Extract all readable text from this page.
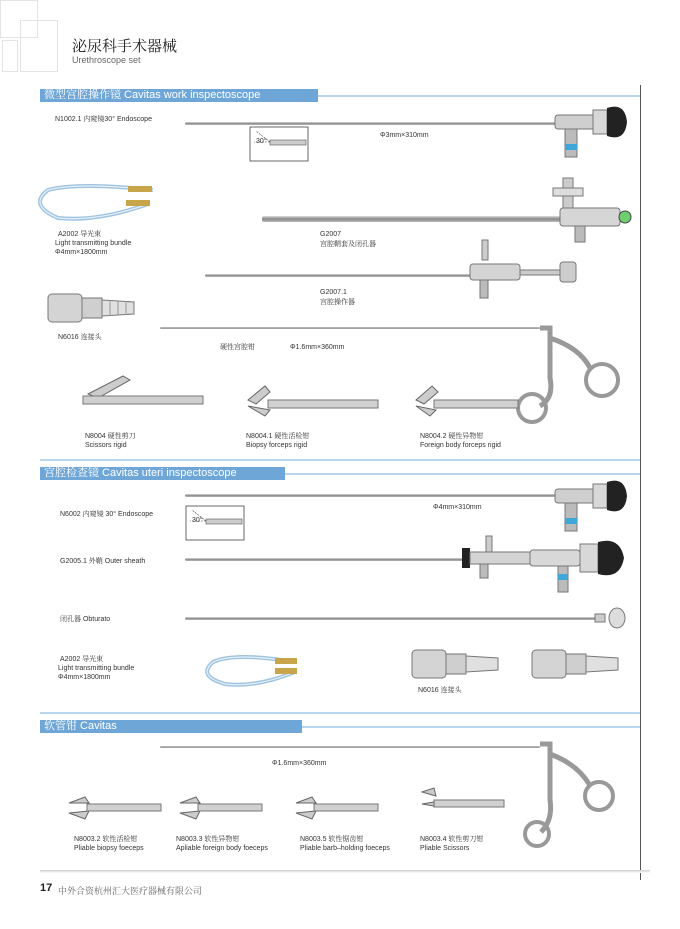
泌尿科手术器械
Urethroscope set
微型宫腔操作镜 Cavitas work inspectoscope
N1002.1 内窥镜30° Endoscope
Φ3mm×310mm
30°
A2002 导光束
Light transmitting bundle
Φ4mm×1800mm
G2007
宫腔鞘套及闭孔器
G2007.1
宫腔操作器
N6016 连接头
硬性宫腔钳	Φ1.6mm×360mm
N8004 硬性剪刀
Scissors rigid
N8004.1 硬性活检钳
Biopsy forceps rigid
N8004.2 硬性异物钳
Foreign body forceps rigid
宫腔检查镜 Cavitas uteri inspectoscope
N6002 内窥镜 30° Endoscope
Φ4mm×310mm
30°
G2005.1 外鞘 Outer sheath
闭孔器 Obturato
A2002 导光束
Light transmitting bundle
Φ4mm×1800mm
N6016 连接头
软管钳 Cavitas
Φ1.6mm×360mm
N8003.2 软性活检钳
Pliable biopsy foeceps
N8003.3 软性异物钳
Apliable foreign body foeceps
N8003.5 软性锯齿钳
Pliable barb–holding foeceps
N8003.4 软性剪刀钳
Pliable Scissors
17 中外合资杭州汇大医疗器械有限公司
